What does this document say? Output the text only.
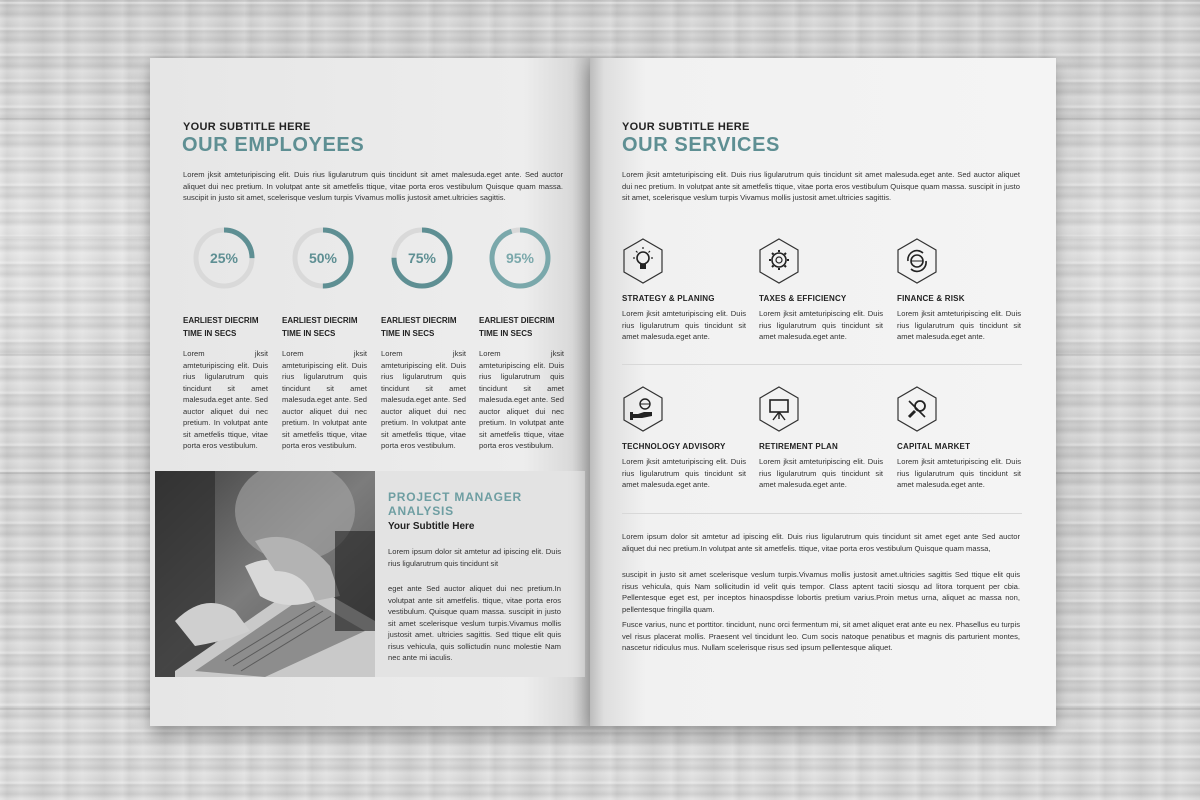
YOUR SUBTITLE HERE
OUR EMPLOYEES
Lorem jksit amteturipiscing elit. Duis rius ligularutrum quis tincidunt sit amet malesuda.eget ante. Sed auctor aliquet dui nec pretium. In volutpat ante sit ametfelis ttique, vitae porta eros vestibulum Quisque quam massa. suscipit in justo sit amet, scelerisque veslum turpis Vivamus mollis justosit amet.ultricies sagittis.
25%
EARLIEST DIECRIM TIME IN SECS
Lorem jksit amteturipiscing elit. Duis rius ligularutrum quis tincidunt sit amet malesuda.eget ante. Sed auctor aliquet dui nec pretium. In volutpat ante sit ametfelis ttique, vitae porta eros vestibulum.
50%
EARLIEST DIECRIM TIME IN SECS
Lorem jksit amteturipiscing elit. Duis rius ligularutrum quis tincidunt sit amet malesuda.eget ante. Sed auctor aliquet dui nec pretium. In volutpat ante sit ametfelis ttique, vitae porta eros vestibulum.
75%
EARLIEST DIECRIM TIME IN SECS
Lorem jksit amteturipiscing elit. Duis rius ligularutrum quis tincidunt sit amet malesuda.eget ante. Sed auctor aliquet dui nec pretium. In volutpat ante sit ametfelis ttique, vitae porta eros vestibulum.
95%
EARLIEST DIECRIM TIME IN SECS
Lorem jksit amteturipiscing elit. Duis rius ligularutrum quis tincidunt sit amet malesuda.eget ante. Sed auctor aliquet dui nec pretium. In volutpat ante sit ametfelis ttique, vitae porta eros vestibulum.
PROJECT MANAGER ANALYSIS
Your Subtitle Here
Lorem ipsum dolor sit amtetur ad ipiscing elit. Duis rius ligularutrum quis tincidunt sit
eget ante Sed auctor aliquet dui nec pretium.In volutpat ante sit ametfelis. ttique, vitae porta eros vestibulum. Quisque quam massa. suscipit in justo sit amet scelerisque veslum turpis.Vivamus mollis justosit amet. ultricies sagittis. Sed ttique elit quis risus vehicula, quis sollictudin nunc molestie Nam nec ante mi iaculis.
YOUR SUBTITLE HERE
OUR SERVICES
Lorem jksit amteturipiscing elit. Duis rius ligularutrum quis tincidunt sit amet malesuda.eget ante. Sed auctor aliquet dui nec pretium. In volutpat ante sit ametfelis ttique, vitae porta eros vestibulum Quisque quam massa. suscipit in justo sit amet, scelerisque veslum turpis Vivamus mollis justosit amet.ultricies sagittis.
STRATEGY & PLANING
Lorem jksit amteturipiscing elit. Duis rius ligularutrum quis tincidunt sit amet malesuda.eget ante.
TAXES & EFFICIENCY
Lorem jksit amteturipiscing elit. Duis rius ligularutrum quis tincidunt sit amet malesuda.eget ante.
FINANCE & RISK
Lorem jksit amteturipiscing elit. Duis rius ligularutrum quis tincidunt sit amet malesuda.eget ante.
TECHNOLOGY ADVISORY
Lorem jksit amteturipiscing elit. Duis rius ligularutrum quis tincidunt sit amet malesuda.eget ante.
RETIREMENT PLAN
Lorem jksit amteturipiscing elit. Duis rius ligularutrum quis tincidunt sit amet malesuda.eget ante.
CAPITAL MARKET
Lorem jksit amteturipiscing elit. Duis rius ligularutrum quis tincidunt sit amet malesuda.eget ante.
Lorem ipsum dolor sit amtetur ad ipiscing elit. Duis rius ligularutrum quis tincidunt sit amet eget ante Sed auctor aliquet dui nec pretium.In volutpat ante sit ametfelis. ttique, vitae porta eros vestibulum Quisque quam massa,
suscipit in justo sit amet scelerisque veslum turpis.Vivamus mollis justosit amet.ultricies sagittis Sed ttique elit quis risus vehicula, quis Nam sollicitudin id velit quis tempor. Class aptent taciti siosqu ad litora torquent per cbia. Pellentesque eget est, per inceptos hinaospdisse lobortis pretium varius.Proin metus urna, aliquet ac massa non, pellentesque fringilla quam.
Fusce varius, nunc et porttitor. tincidunt, nunc orci fermentum mi, sit amet aliquet erat ante eu nex. Phasellus eu turpis vel risus placerat mollis. Praesent vel tincidunt leo. Cum socis natoque penatibus et magnis dis parturient montes, nascetur ridiculus mus. Nullam scelerisque risus sed ipsum pellentesque aliquet.
